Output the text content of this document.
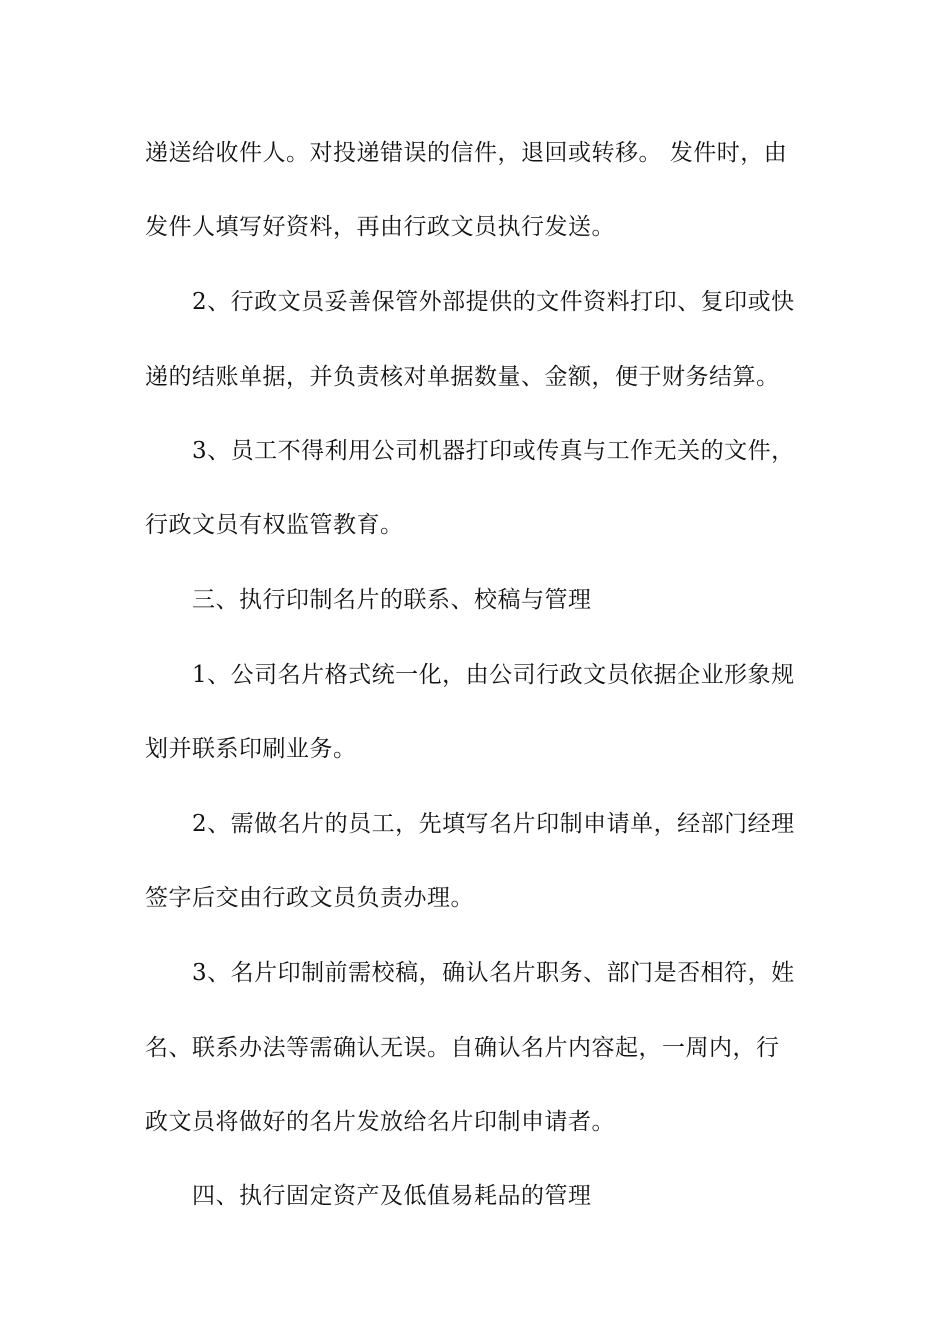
递送给收件人。对投递错误的信件，退回或转移。 发件时，由
发件人填写好资料，再由行政文员执行发送。
2、行政文员妥善保管外部提供的文件资料打印、复印或快
递的结账单据，并负责核对单据数量、金额，便于财务结算。
3、员工不得利用公司机器打印或传真与工作无关的文件，
行政文员有权监管教育。
三、执行印制名片的联系、校稿与管理
1、公司名片格式统一化，由公司行政文员依据企业形象规
划并联系印刷业务。
2、需做名片的员工，先填写名片印制申请单，经部门经理
签字后交由行政文员负责办理。
3、名片印制前需校稿，确认名片职务、部门是否相符，姓
名、联系办法等需确认无误。自确认名片内容起，一周内，行
政文员将做好的名片发放给名片印制申请者。
四、执行固定资产及低值易耗品的管理
